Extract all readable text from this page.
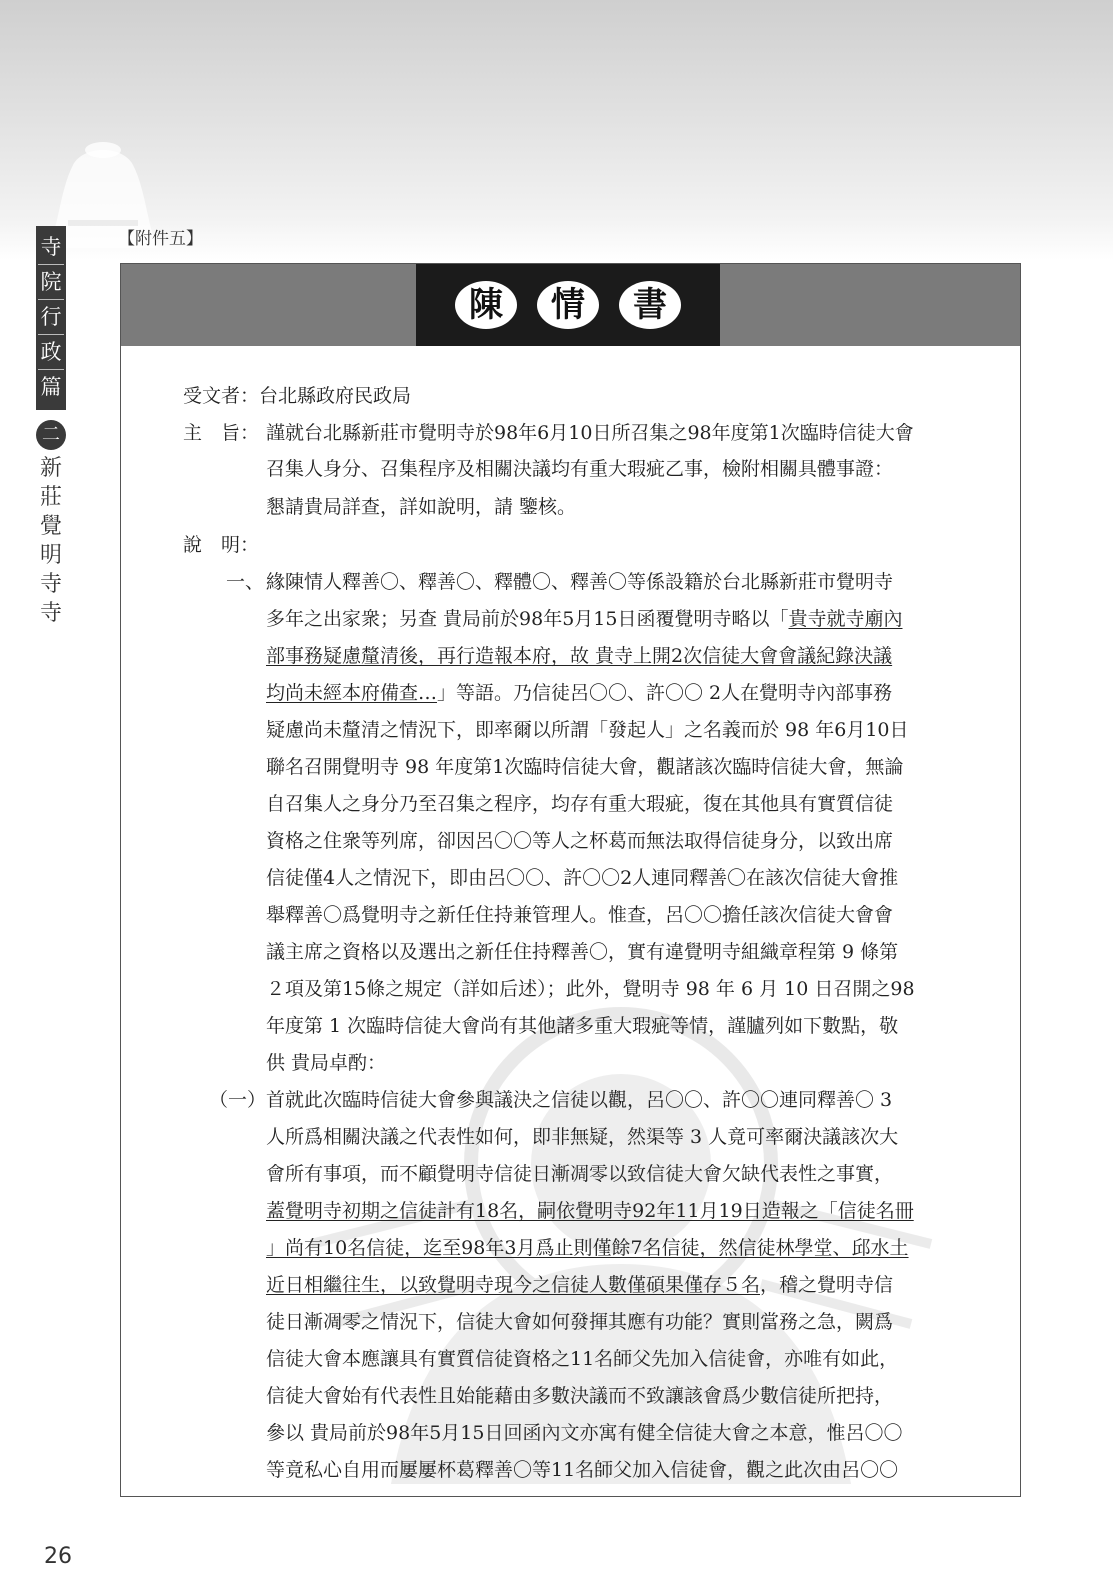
寺
院
行
政
篇
二
新
莊
覺
明
寺
寺
【附件五】
陳	情	書
受文者：台北縣政府民政局
主　旨： 謹就台北縣新莊市覺明寺於98年6月10日所召集之98年度第1次臨時信徒大會
召集人身分、召集程序及相關決議均有重大瑕疵乙事，檢附相關具體事證：
懇請貴局詳查，詳如說明，請 鑒核。
說　明：
一、 緣陳情人釋善〇、釋善〇、釋體〇、釋善〇等係設籍於台北縣新莊市覺明寺
多年之出家衆；另查 貴局前於98年5月15日函覆覺明寺略以「貴寺就寺廟內
部事務疑慮釐清後，再行造報本府，故 貴寺上開2次信徒大會會議紀錄決議
均尚未經本府備查…」等語。乃信徒呂〇〇、許〇〇 2人在覺明寺內部事務
疑慮尚未釐清之情況下，即率爾以所謂「發起人」之名義而於 98 年6月10日
聯名召開覺明寺 98 年度第1次臨時信徒大會，觀諸該次臨時信徒大會，無論
自召集人之身分乃至召集之程序，均存有重大瑕疵，復在其他具有實質信徒
資格之住衆等列席，卻因呂〇〇等人之杯葛而無法取得信徒身分，以致出席
信徒僅4人之情況下，即由呂〇〇、許〇〇2人連同釋善〇在該次信徒大會推
舉釋善〇爲覺明寺之新任住持兼管理人。惟查，呂〇〇擔任該次信徒大會會
議主席之資格以及選出之新任住持釋善〇，實有違覺明寺組織章程第 9 條第
２項及第15條之規定（詳如后述）；此外，覺明寺 98 年 6 月 10 日召開之98
年度第 1 次臨時信徒大會尚有其他諸多重大瑕疵等情，謹臚列如下數點，敬
供 貴局卓酌：
（一） 首就此次臨時信徒大會參與議決之信徒以觀，呂〇〇、許〇〇連同釋善〇 3
人所爲相關決議之代表性如何，即非無疑，然渠等 3 人竟可率爾決議該次大
會所有事項，而不顧覺明寺信徒日漸凋零以致信徒大會欠缺代表性之事實，
蓋覺明寺初期之信徒計有18名，嗣依覺明寺92年11月19日造報之「信徒名冊
」尚有10名信徒，迄至98年3月爲止則僅餘7名信徒，然信徒林學堂、邱水土
近日相繼往生，以致覺明寺現今之信徒人數僅碩果僅存５名，稽之覺明寺信
徒日漸凋零之情況下，信徒大會如何發揮其應有功能？實則當務之急，闕爲
信徒大會本應讓具有實質信徒資格之11名師父先加入信徒會，亦唯有如此，
信徒大會始有代表性且始能藉由多數決議而不致讓該會爲少數信徒所把持，
參以 貴局前於98年5月15日回函內文亦寓有健全信徒大會之本意，惟呂〇〇
等竟私心自用而屢屢杯葛釋善〇等11名師父加入信徒會，觀之此次由呂〇〇
26
